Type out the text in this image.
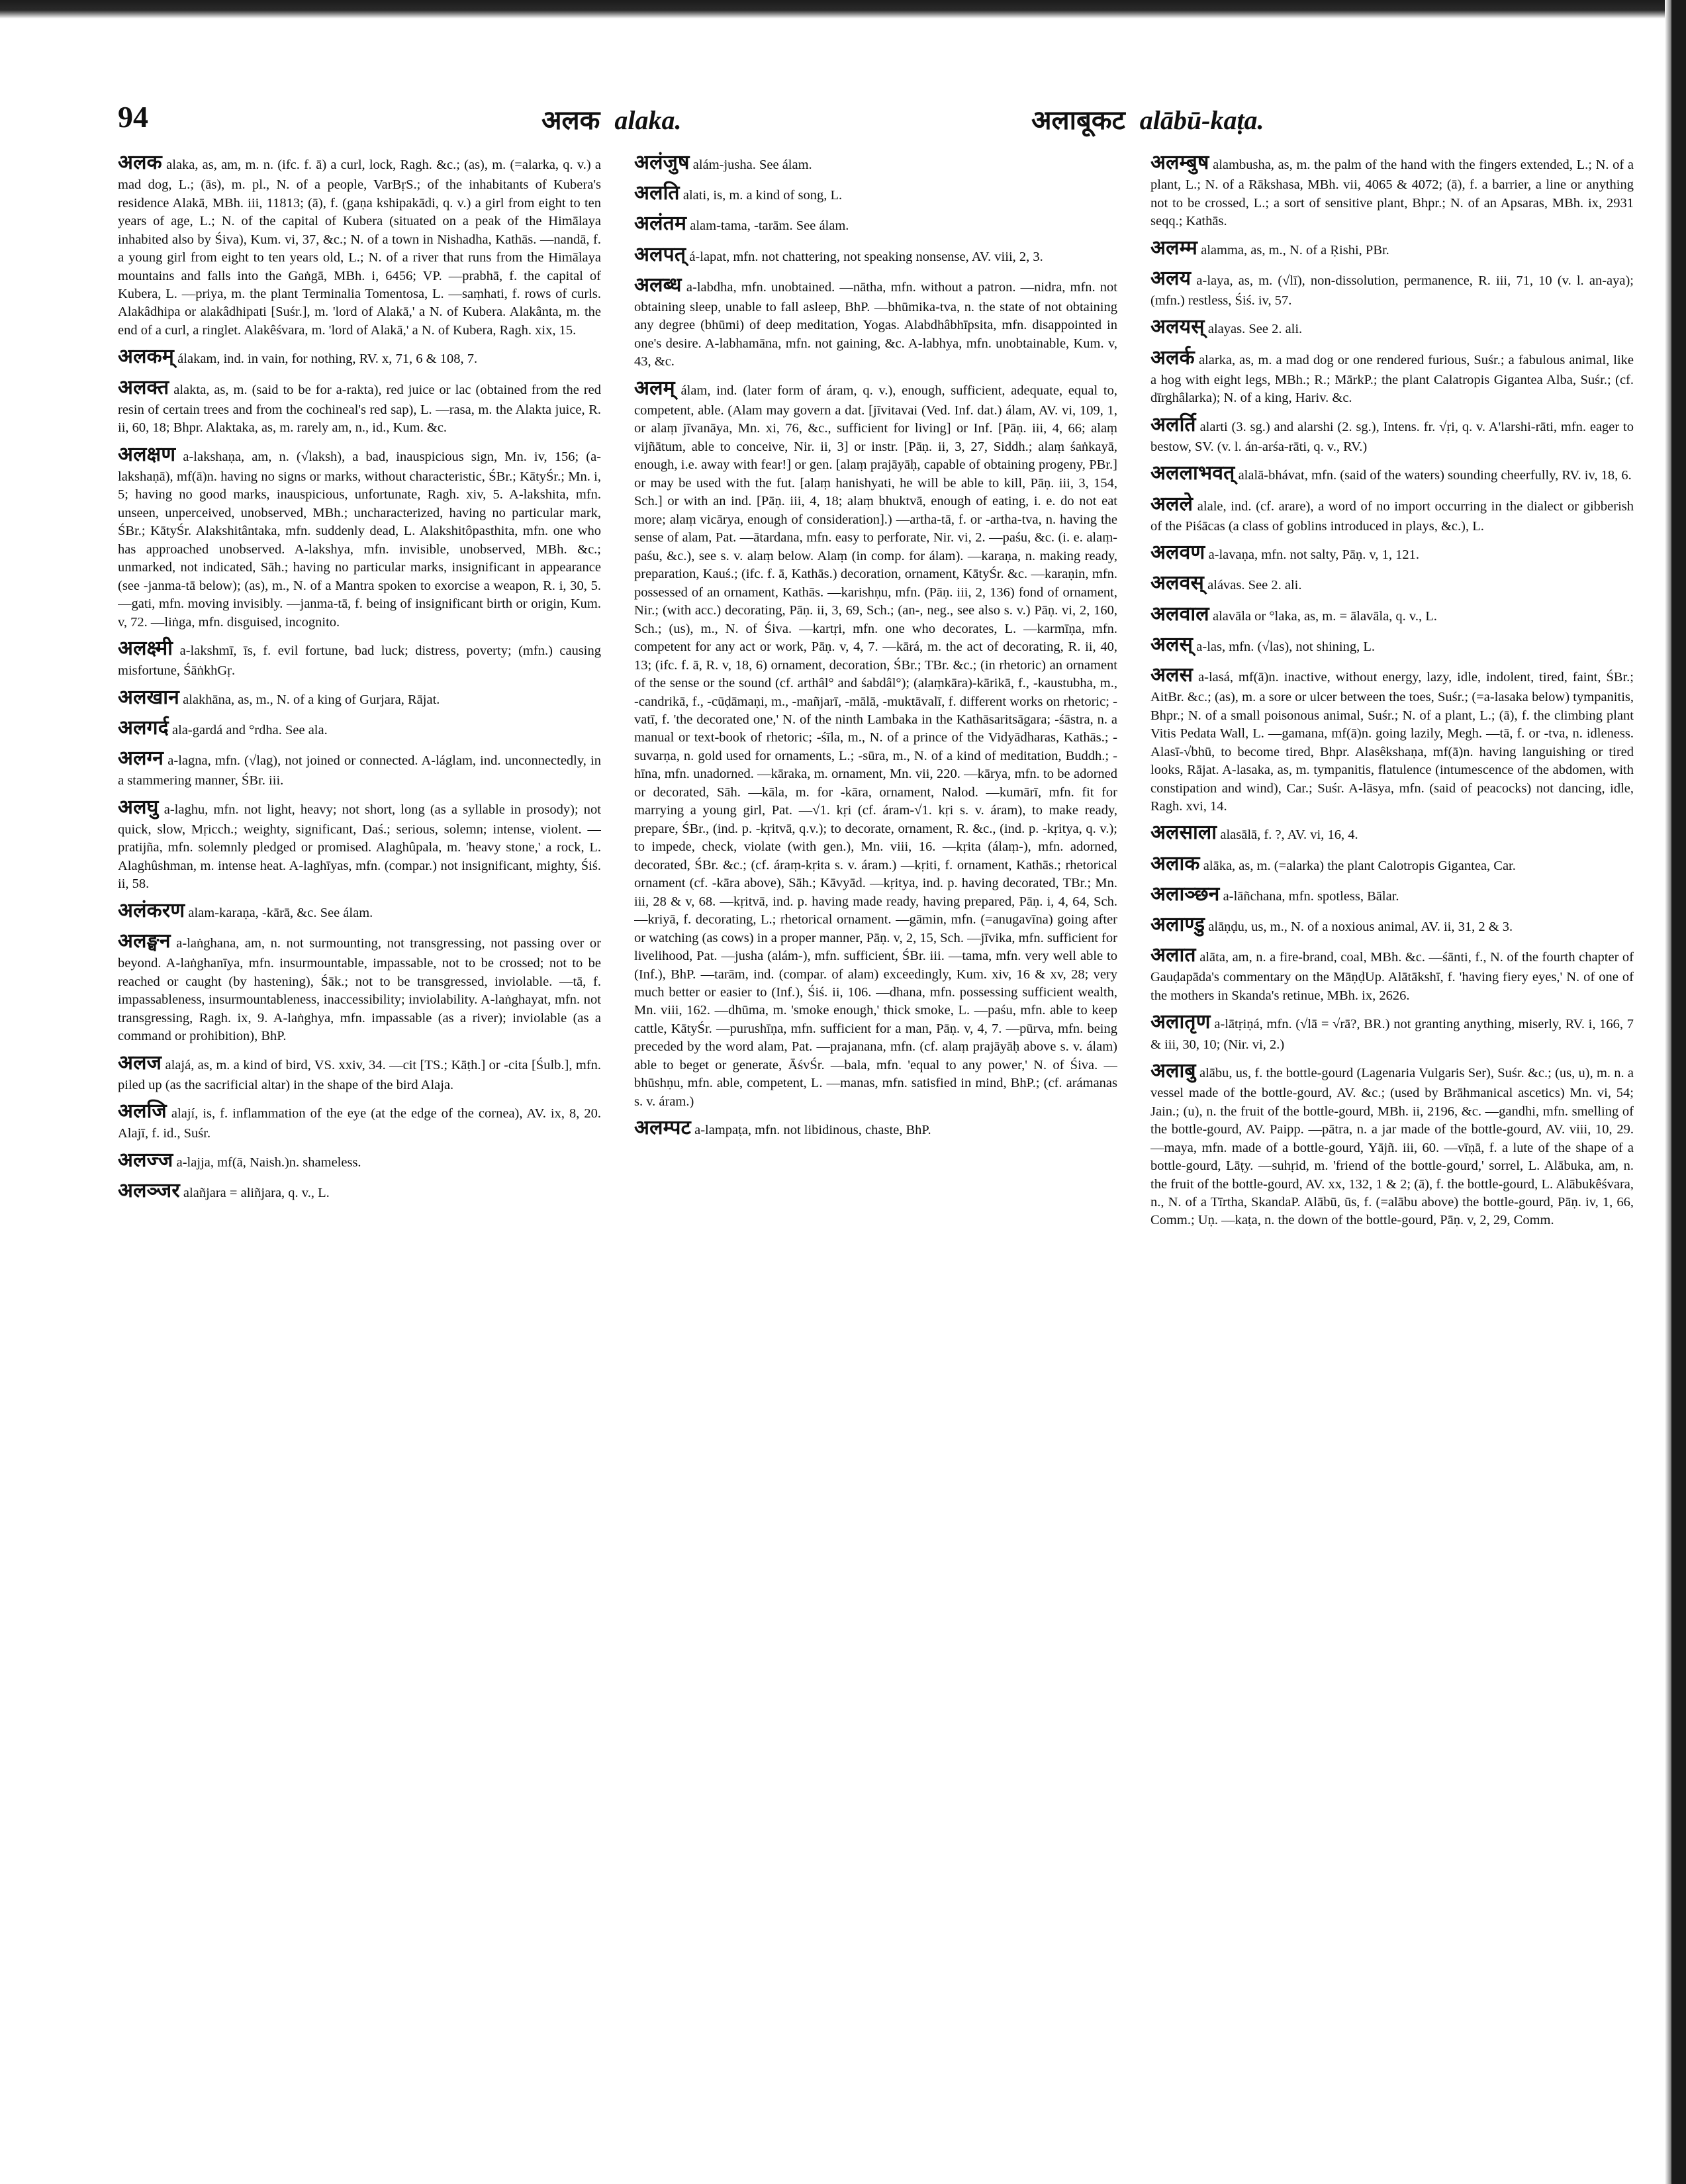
94	अलक alaka.	अलाबूकट alābū-kaṭa.

अलक alaka, as, am, m. n. (ifc. f. ā) a curl, lock, Ragh. &c.; (as), m. (=alarka, q. v.) a mad dog, L.; (ās), m. pl., N. of a people, VarBṛS.; of the inhabitants of Kubera's residence Alakā, MBh. iii, 11813; (ā), f. (gaṇa kshipakādi, q. v.) a girl from eight to ten years of age, L.; N. of the capital of Kubera (situated on a peak of the Himālaya inhabited also by Śiva), Kum. vi, 37, &c.; N. of a town in Nishadha, Kathās. —nandā, f. a young girl from eight to ten years old, L.; N. of a river that runs from the Himālaya mountains and falls into the Gaṅgā, MBh. i, 6456; VP. —prabhā, f. the capital of Kubera, L. —priya, m. the plant Terminalia Tomentosa, L. —saṃhati, f. rows of curls. Alakâdhipa or alakâdhipati [Suśr.], m. 'lord of Alakā,' a N. of Kubera. Alakânta, m. the end of a curl, a ringlet. Alakêśvara, m. 'lord of Alakā,' a N. of Kubera, Ragh. xix, 15.

अलकम् álakam, ind. in vain, for nothing, RV. x, 71, 6 & 108, 7.

अलक्त alakta, as, m. (said to be for a-rakta), red juice or lac (obtained from the red resin of certain trees and from the cochineal's red sap), L. —rasa, m. the Alakta juice, R. ii, 60, 18; Bhpr. Alaktaka, as, m. rarely am, n., id., Kum. &c.

अलक्षण a-lakshaṇa, am, n. (√laksh), a bad, inauspicious sign, Mn. iv, 156; (a-lakshaṇā), mf(ā)n. having no signs or marks, without characteristic, ŚBr.; KātyŚr.; Mn. i, 5; having no good marks, inauspicious, unfortunate, Ragh. xiv, 5. A-lakshita, mfn. unseen, unperceived, unobserved, MBh.; uncharacterized, having no particular mark, ŚBr.; KātyŚr. Alakshitântaka, mfn. suddenly dead, L. Alakshitôpasthita, mfn. one who has approached unobserved. A-lakshya, mfn. invisible, unobserved, MBh. &c.; unmarked, not indicated, Sāh.; having no particular marks, insignificant in appearance (see -janma-tā below); (as), m., N. of a Mantra spoken to exorcise a weapon, R. i, 30, 5. —gati, mfn. moving invisibly. —janma-tā, f. being of insignificant birth or origin, Kum. v, 72. —liṅga, mfn. disguised, incognito.

अलक्ष्मी a-lakshmī, īs, f. evil fortune, bad luck; distress, poverty; (mfn.) causing misfortune, ŚāṅkhGṛ.

अलखान alakhāna, as, m., N. of a king of Gurjara, Rājat.

अलगर्द ala-gardá and °rdha. See ala.

अलग्न a-lagna, mfn. (√lag), not joined or connected. A-láglam, ind. unconnectedly, in a stammering manner, ŚBr. iii.

अलघु a-laghu, mfn. not light, heavy; not short, long (as a syllable in prosody); not quick, slow, Mṛicch.; weighty, significant, Daś.; serious, solemn; intense, violent. —pratijña, mfn. solemnly pledged or promised. Alaghûpala, m. 'heavy stone,' a rock, L. Alaghûshman, m. intense heat. A-laghīyas, mfn. (compar.) not insignificant, mighty, Śiś. ii, 58.

अलंकरण alam-karaṇa, -kārā, &c. See álam.

अलङ्घन a-laṅghana, am, n. not surmounting, not transgressing, not passing over or beyond. A-laṅghanīya, mfn. insurmountable, impassable, not to be crossed; not to be reached or caught (by hastening), Śāk.; not to be transgressed, inviolable. —tā, f. impassableness, insurmountableness, inaccessibility; inviolability. A-laṅghayat, mfn. not transgressing, Ragh. ix, 9. A-laṅghya, mfn. impassable (as a river); inviolable (as a command or prohibition), BhP.

अलज alajá, as, m. a kind of bird, VS. xxiv, 34. —cit [TS.; Kāṭh.] or -cita [Śulb.], mfn. piled up (as the sacrificial altar) in the shape of the bird Alaja.

अलजि alají, is, f. inflammation of the eye (at the edge of the cornea), AV. ix, 8, 20. Alajī, f. id., Suśr.

अलज्ज a-lajja, mf(ā, Naish.)n. shameless.

अलञ्जर alañjara = aliñjara, q. v., L.

अलंजुष alám-jusha. See álam.

अलति alati, is, m. a kind of song, L.

अलंतम alam-tama, -tarām. See álam.

अलपत् á-lapat, mfn. not chattering, not speaking nonsense, AV. viii, 2, 3.

अलब्ध a-labdha, mfn. unobtained. —nātha, mfn. without a patron. —nidra, mfn. not obtaining sleep, unable to fall asleep, BhP. —bhūmika-tva, n. the state of not obtaining any degree (bhūmi) of deep meditation, Yogas. Alabdhâbhīpsita, mfn. disappointed in one's desire. A-labhamāna, mfn. not gaining, &c. A-labhya, mfn. unobtainable, Kum. v, 43, &c.

अलम् álam, ind. (later form of áram, q. v.), enough, sufficient, adequate, equal to, competent, able. (Alam may govern a dat. [jīvitavai (Ved. Inf. dat.) álam, AV. vi, 109, 1, or alaṃ jīvanāya, Mn. xi, 76, &c., sufficient for living] or Inf. [Pāṇ. iii, 4, 66; alaṃ vijñātum, able to conceive, Nir. ii, 3] or instr. [Pāṇ. ii, 3, 27, Siddh.; alaṃ śaṅkayā, enough, i.e. away with fear!] or gen. [alaṃ prajāyāḥ, capable of obtaining progeny, PBr.] or may be used with the fut. [alaṃ hanishyati, he will be able to kill, Pāṇ. iii, 3, 154, Sch.] or with an ind. [Pāṇ. iii, 4, 18; alaṃ bhuktvā, enough of eating, i. e. do not eat more; alaṃ vicārya, enough of consideration].) —artha-tā, f. or -artha-tva, n. having the sense of alam, Pat. —ātardana, mfn. easy to perforate, Nir. vi, 2. —paśu, &c. (i. e. alaṃ-paśu, &c.), see s. v. alaṃ below. Alaṃ (in comp. for álam). —karaṇa, n. making ready, preparation, Kauś.; (ifc. f. ā, Kathās.) decoration, ornament, KātyŚr. &c. —karaṇin, mfn. possessed of an ornament, Kathās. —karishṇu, mfn. (Pāṇ. iii, 2, 136) fond of ornament, Nir.; (with acc.) decorating, Pāṇ. ii, 3, 69, Sch.; (an-, neg., see also s. v.) Pāṇ. vi, 2, 160, Sch.; (us), m., N. of Śiva. —kartṛi, mfn. one who decorates, L. —karmīṇa, mfn. competent for any act or work, Pāṇ. v, 4, 7. —kārá, m. the act of decorating, R. ii, 40, 13; (ifc. f. ā, R. v, 18, 6) ornament, decoration, ŚBr.; TBr. &c.; (in rhetoric) an ornament of the sense or the sound (cf. arthâl° and śabdâl°); (alaṃkāra)-kārikā, f., -kaustubha, m., -candrikā, f., -cūḍāmaṇi, m., -mañjarī, -mālā, -muktāvalī, f. different works on rhetoric; -vatī, f. 'the decorated one,' N. of the ninth Lambaka in the Kathāsaritsāgara; -śāstra, n. a manual or text-book of rhetoric; -śīla, m., N. of a prince of the Vidyādharas, Kathās.; -suvarṇa, n. gold used for ornaments, L.; -sūra, m., N. of a kind of meditation, Buddh.; -hīna, mfn. unadorned. —kāraka, m. ornament, Mn. vii, 220. —kārya, mfn. to be adorned or decorated, Sāh. —kāla, m. for -kāra, ornament, Nalod. —kumārī, mfn. fit for marrying a young girl, Pat. —√1. kṛi (cf. áram-√1. kṛi s. v. áram), to make ready, prepare, ŚBr., (ind. p. -kṛitvā, q.v.); to decorate, ornament, R. &c., (ind. p. -kṛitya, q. v.); to impede, check, violate (with gen.), Mn. viii, 16. —kṛita (álaṃ-), mfn. adorned, decorated, ŚBr. &c.; (cf. áraṃ-kṛita s. v. áram.) —kṛiti, f. ornament, Kathās.; rhetorical ornament (cf. -kāra above), Sāh.; Kāvyād. —kṛitya, ind. p. having decorated, TBr.; Mn. iii, 28 & v, 68. —kṛitvā, ind. p. having made ready, having prepared, Pāṇ. i, 4, 64, Sch. —kriyā, f. decorating, L.; rhetorical ornament. —gāmin, mfn. (=anugavīna) going after or watching (as cows) in a proper manner, Pāṇ. v, 2, 15, Sch. —jīvika, mfn. sufficient for livelihood, Pat. —jusha (alám-), mfn. sufficient, ŚBr. iii. —tama, mfn. very well able to (Inf.), BhP. —tarām, ind. (compar. of alam) exceedingly, Kum. xiv, 16 & xv, 28; very much better or easier to (Inf.), Śiś. ii, 106. —dhana, mfn. possessing sufficient wealth, Mn. viii, 162. —dhūma, m. 'smoke enough,' thick smoke, L. —paśu, mfn. able to keep cattle, KātyŚr. —purushīṇa, mfn. sufficient for a man, Pāṇ. v, 4, 7. —pūrva, mfn. being preceded by the word alam, Pat. —prajanana, mfn. (cf. alaṃ prajāyāḥ above s. v. álam) able to beget or generate, ĀśvŚr. —bala, mfn. 'equal to any power,' N. of Śiva. —bhūshṇu, mfn. able, competent, L. —manas, mfn. satisfied in mind, BhP.; (cf. arámanas s. v. áram.)

अलम्पट a-lampaṭa, mfn. not libidinous, chaste, BhP.

अलम्बुष alambusha, as, m. the palm of the hand with the fingers extended, L.; N. of a plant, L.; N. of a Rākshasa, MBh. vii, 4065 & 4072; (ā), f. a barrier, a line or anything not to be crossed, L.; a sort of sensitive plant, Bhpr.; N. of an Apsaras, MBh. ix, 2931 seqq.; Kathās.

अलम्म alamma, as, m., N. of a Ṛishi, PBr.

अलय a-laya, as, m. (√lī), non-dissolution, permanence, R. iii, 71, 10 (v. l. an-aya); (mfn.) restless, Śiś. iv, 57.

अलयस् alayas. See 2. ali.

अलर्क alarka, as, m. a mad dog or one rendered furious, Suśr.; a fabulous animal, like a hog with eight legs, MBh.; R.; MārkP.; the plant Calatropis Gigantea Alba, Suśr.; (cf. dīrghâlarka); N. of a king, Hariv. &c.

अलर्ति alarti (3. sg.) and alarshi (2. sg.), Intens. fr. √ṛi, q. v. A'larshi-rāti, mfn. eager to bestow, SV. (v. l. án-arśa-rāti, q. v., RV.)

अललाभवत् alalā-bhávat, mfn. (said of the waters) sounding cheerfully, RV. iv, 18, 6.

अलले alale, ind. (cf. arare), a word of no import occurring in the dialect or gibberish of the Piśācas (a class of goblins introduced in plays, &c.), L.

अलवण a-lavaṇa, mfn. not salty, Pāṇ. v, 1, 121.

अलवस् alávas. See 2. ali.

अलवाल alavāla or °laka, as, m. = ālavāla, q. v., L.

अलस् a-las, mfn. (√las), not shining, L.

अलस a-lasá, mf(ā)n. inactive, without energy, lazy, idle, indolent, tired, faint, ŚBr.; AitBr. &c.; (as), m. a sore or ulcer between the toes, Suśr.; (=a-lasaka below) tympanitis, Bhpr.; N. of a small poisonous animal, Suśr.; N. of a plant, L.; (ā), f. the climbing plant Vitis Pedata Wall, L. —gamana, mf(ā)n. going lazily, Megh. —tā, f. or -tva, n. idleness. Alasī-√bhū, to become tired, Bhpr. Alasêkshaṇa, mf(ā)n. having languishing or tired looks, Rājat. A-lasaka, as, m. tympanitis, flatulence (intumescence of the abdomen, with constipation and wind), Car.; Suśr. A-lāsya, mfn. (said of peacocks) not dancing, idle, Ragh. xvi, 14.

अलसाला alasālā, f. ?, AV. vi, 16, 4.

अलाक alāka, as, m. (=alarka) the plant Calotropis Gigantea, Car.

अलाञ्छन a-lāñchana, mfn. spotless, Bālar.

अलाण्डु alāṇḍu, us, m., N. of a noxious animal, AV. ii, 31, 2 & 3.

अलात alāta, am, n. a fire-brand, coal, MBh. &c. —śānti, f., N. of the fourth chapter of Gauḍapāda's commentary on the MāṇḍUp. Alātākshī, f. 'having fiery eyes,' N. of one of the mothers in Skanda's retinue, MBh. ix, 2626.

अलातृण a-lātṛiṇá, mfn. (√lā = √rā?, BR.) not granting anything, miserly, RV. i, 166, 7 & iii, 30, 10; (Nir. vi, 2.)

अलाबु alābu, us, f. the bottle-gourd (Lagenaria Vulgaris Ser), Suśr. &c.; (us, u), m. n. a vessel made of the bottle-gourd, AV. &c.; (used by Brāhmanical ascetics) Mn. vi, 54; Jain.; (u), n. the fruit of the bottle-gourd, MBh. ii, 2196, &c. —gandhi, mfn. smelling of the bottle-gourd, AV. Paipp. —pātra, n. a jar made of the bottle-gourd, AV. viii, 10, 29. —maya, mfn. made of a bottle-gourd, Yājñ. iii, 60. —vīṇā, f. a lute of the shape of a bottle-gourd, Lāṭy. —suhṛid, m. 'friend of the bottle-gourd,' sorrel, L. Alābuka, am, n. the fruit of the bottle-gourd, AV. xx, 132, 1 & 2; (ā), f. the bottle-gourd, L. Alābukêśvara, n., N. of a Tīrtha, SkandaP. Alābū, ūs, f. (=alābu above) the bottle-gourd, Pāṇ. iv, 1, 66, Comm.; Uṇ. —kaṭa, n. the down of the bottle-gourd, Pāṇ. v, 2, 29, Comm.
